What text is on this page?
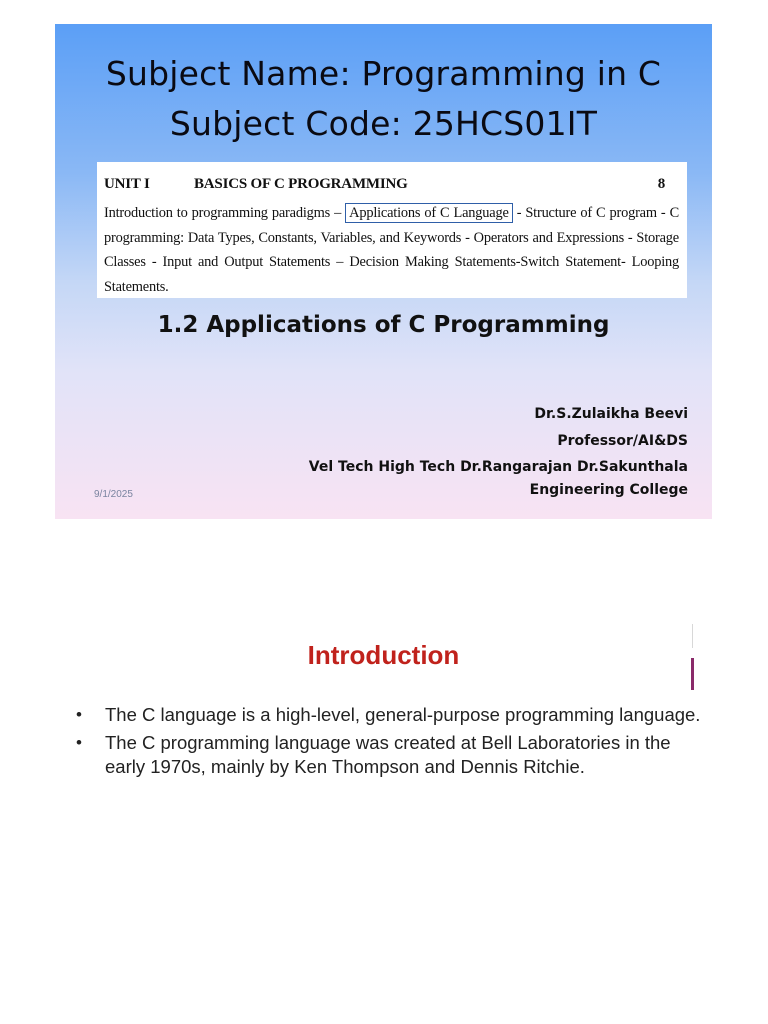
Subject Name: Programming in C
Subject Code: 25HCS01IT
UNIT I	BASICS OF C PROGRAMMING	8
Introduction to programming paradigms – Applications of C Language - Structure of C program - C programming: Data Types, Constants, Variables, and Keywords - Operators and Expressions - Storage Classes - Input and Output Statements – Decision Making Statements-Switch Statement- Looping Statements.
1.2 Applications of C Programming
Dr.S.Zulaikha Beevi
Professor/AI&DS
Vel Tech High Tech Dr.Rangarajan Dr.Sakunthala
Engineering College
9/1/2025
Introduction
• The C language is a high-level, general-purpose programming language.
• The C programming language was created at Bell Laboratories in the early 1970s, mainly by Ken Thompson and Dennis Ritchie.
